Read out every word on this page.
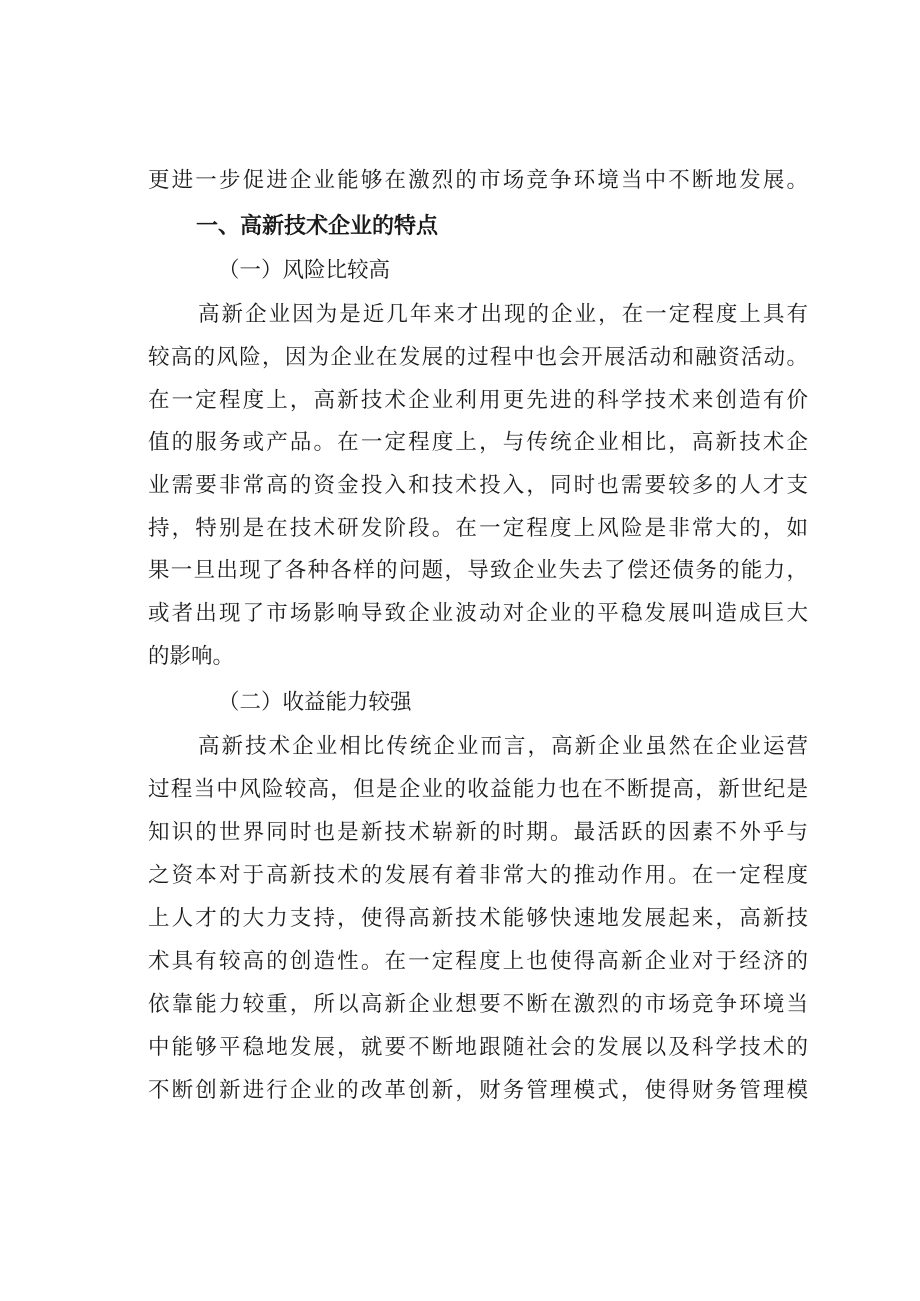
更进一步促进企业能够在激烈的市场竞争环境当中不断地发展。
一、高新技术企业的特点
（一）风险比较高
高新企业因为是近几年来才出现的企业，在一定程度上具有
较高的风险，因为企业在发展的过程中也会开展活动和融资活动。
在一定程度上，高新技术企业利用更先进的科学技术来创造有价
值的服务或产品。在一定程度上，与传统企业相比，高新技术企
业需要非常高的资金投入和技术投入，同时也需要较多的人才支
持，特别是在技术研发阶段。在一定程度上风险是非常大的，如
果一旦出现了各种各样的问题，导致企业失去了偿还债务的能力，
或者出现了市场影响导致企业波动对企业的平稳发展叫造成巨大
的影响。
（二）收益能力较强
高新技术企业相比传统企业而言，高新企业虽然在企业运营
过程当中风险较高，但是企业的收益能力也在不断提高，新世纪是
知识的世界同时也是新技术崭新的时期。最活跃的因素不外乎与
之资本对于高新技术的发展有着非常大的推动作用。在一定程度
上人才的大力支持，使得高新技术能够快速地发展起来，高新技
术具有较高的创造性。在一定程度上也使得高新企业对于经济的
依靠能力较重，所以高新企业想要不断在激烈的市场竞争环境当
中能够平稳地发展，就要不断地跟随社会的发展以及科学技术的
不断创新进行企业的改革创新，财务管理模式，使得财务管理模
